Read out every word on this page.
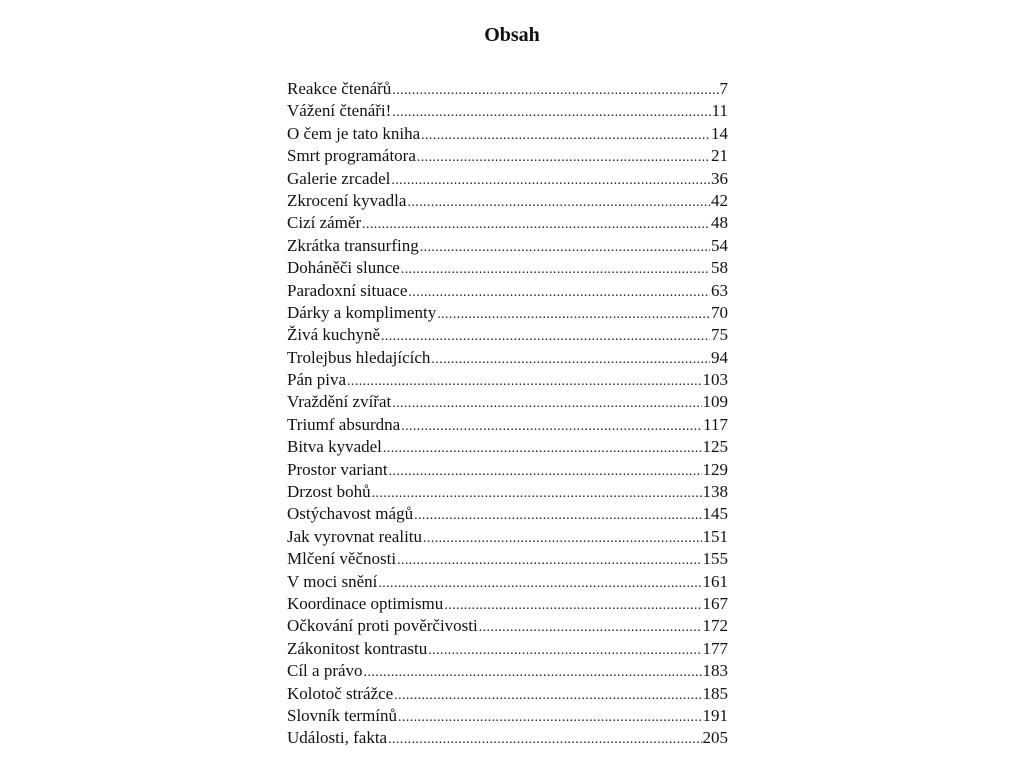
Obsah
Reakce čtenářů .....	7
Vážení čtenáři! .....	11
O čem je tato kniha .....	14
Smrt programátora .....	21
Galerie zrcadel .....	36
Zkrocení kyvadla .....	42
Cizí záměr .....	48
Zkrátka transurfing .....	54
Doháněči slunce .....	58
Paradoxní situace .....	63
Dárky a komplimenty .....	70
Živá kuchyně .....	75
Trolejbus hledajících .....	94
Pán piva .....	103
Vraždění zvířat .....	109
Triumf absurdna .....	117
Bitva kyvadel .....	125
Prostor variant .....	129
Drzost bohů .....	138
Ostýchavost mágů .....	145
Jak vyrovnat realitu .....	151
Mlčení věčnosti .....	155
V moci snění .....	161
Koordinace optimismu .....	167
Očkování proti pověrčivosti .....	172
Zákonitost kontrastu .....	177
Cíl a právo .....	183
Kolotoč strážce .....	185
Slovník termínů .....	191
Události, fakta .....	205
